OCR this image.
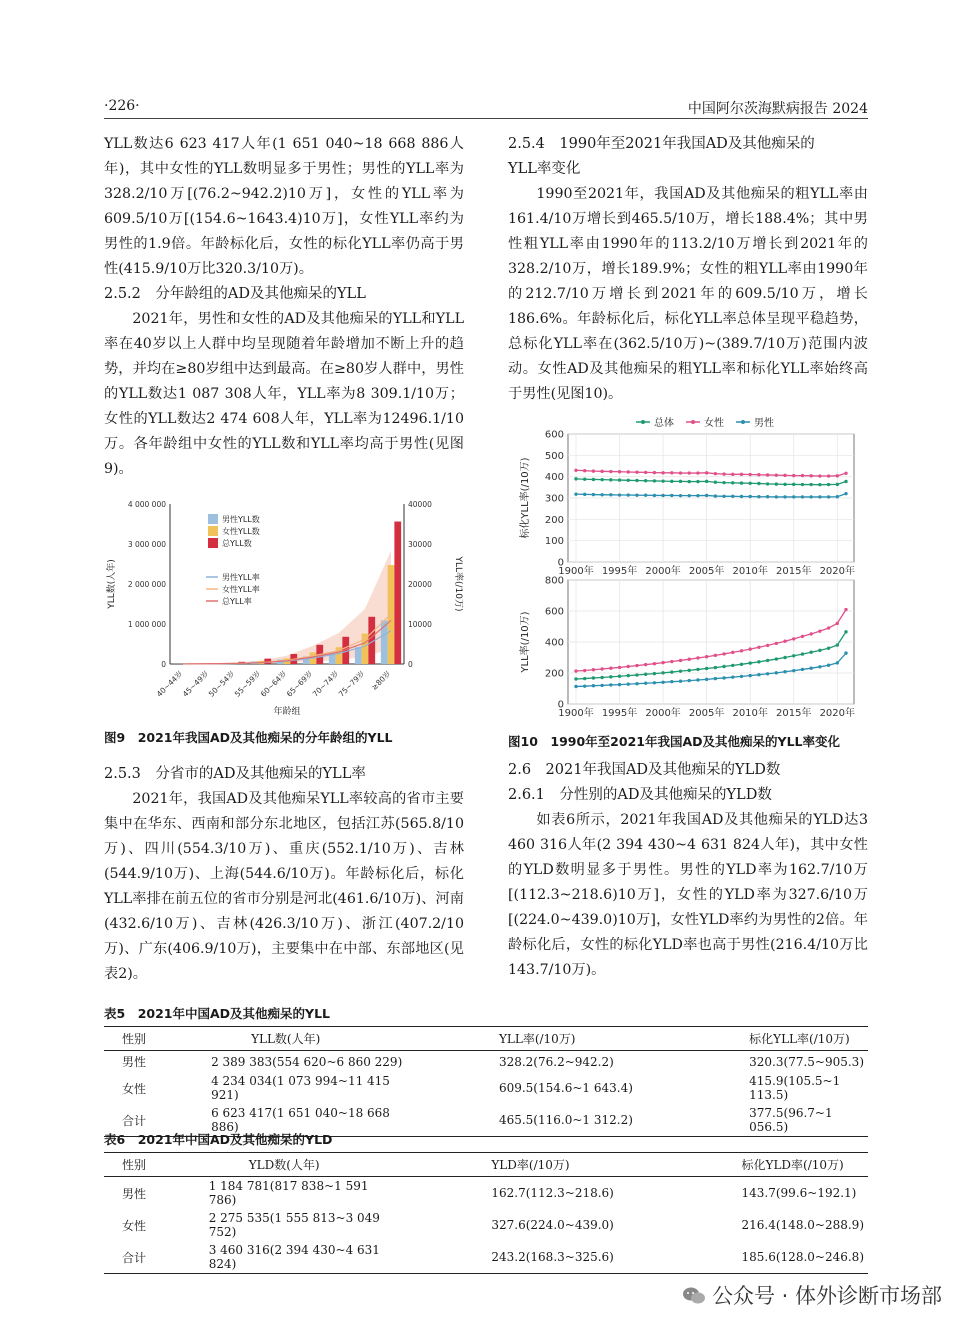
·226·	中国阿尔茨海默病报告 2024

YLL数达6 623 417人年(1 651 040~18 668 886人年)，其中女性的YLL数明显多于男性；男性的YLL率为328.2/10万[(76.2~942.2)10万]，女性的YLL率为609.5/10万[(154.6~1643.4)10万]，女性YLL率约为男性的1.9倍。年龄标化后，女性的标化YLL率仍高于男性(415.9/10万比320.3/10万)。

2.5.2　分年龄组的AD及其他痴呆的YLL

2021年，男性和女性的AD及其他痴呆的YLL和YLL率在40岁以上人群中均呈现随着年龄增加不断上升的趋势，并均在≥80岁组中达到最高。在≥80岁人群中，男性的YLL数达1 087 308人年，YLL率为8 309.1/10万；女性的YLL数达2 474 608人年，YLL率为12496.1/10万。各年龄组中女性的YLL数和YLL率均高于男性(见图9)。

0
1 000 000
2 000 000
3 000 000
4 000 000
0
10000
20000
30000
40000
40~44岁
45~49岁
50~54岁
55~59岁
60~64岁
65~69岁
70~74岁
75~79岁 ≥80岁
男性YLL数
女性YLL数
总YLL数
男性YLL率
女性YLL率
总YLL率
YLL数(人年)	YLL率(/10万)
年龄组
图9　2021年我国AD及其他痴呆的分年龄组的YLL

2.5.3　分省市的AD及其他痴呆的YLL率

2021年，我国AD及其他痴呆YLL率较高的省市主要集中在华东、西南和部分东北地区，包括江苏(565.8/10万)、四川(554.3/10万)、重庆(552.1/10万)、吉林(544.9/10万)、上海(544.6/10万)。年龄标化后，标化YLL率排在前五位的省市分别是河北(461.6/10万)、河南(432.6/10万)、吉林(426.3/10万)、浙江(407.2/10万)、广东(406.9/10万)，主要集中在中部、东部地区(见表2)。

2.5.4　1990年至2021年我国AD及其他痴呆的

YLL率变化

1990至2021年，我国AD及其他痴呆的粗YLL率由161.4/10万增长到465.5/10万，增长188.4%；其中男性粗YLL率由1990年的113.2/10万增长到2021年的328.2/10万，增长189.9%；女性的粗YLL率由1990年的212.7/10万增长到2021年的609.5/10万，增长186.6%。年龄标化后，标化YLL率总体呈现平稳趋势，总标化YLL率在(362.5/10万)~(389.7/10万)范围内波动。女性AD及其他痴呆的粗YLL率和标化YLL率始终高于男性(见图10)。

总体	女性	男性
0
100
200
300
400
500
600
1900年 1995年 2000年 2005年 2010年 2015年 2020年
标化YLL率(/10万)
0
200
400
600
800
1900年 1995年 2000年 2005年 2010年 2015年 2020年
YLL率(/10万)
图10　1990年至2021年我国AD及其他痴呆的YLL率变化

2.6　2021年我国AD及其他痴呆的YLD数

2.6.1　分性别的AD及其他痴呆的YLD数

如表6所示，2021年我国AD及其他痴呆的YLD达3 460 316人年(2 394 430~4 631 824人年)，其中女性的YLD数明显多于男性。男性的YLD率为162.7/10万[(112.3~218.6)10万]，女性的YLD率为327.6/10万[(224.0~439.0)10万]，女性YLD率约为男性的2倍。年龄标化后，女性的标化YLD率也高于男性(216.4/10万比143.7/10万)。

表5　2021年中国AD及其他痴呆的YLL
性别	YLL数(人年)	YLL率(/10万)	标化YLL率(/10万)
男性	2 389 383(554 620~6 860 229)	328.2(76.2~942.2)	320.3(77.5~905.3)
女性	4 234 034(1 073 994~11 415 921)	609.5(154.6~1 643.4)	415.9(105.5~1 113.5)
合计	6 623 417(1 651 040~18 668 886)	465.5(116.0~1 312.2)	377.5(96.7~1 056.5)
表6　2021年中国AD及其他痴呆的YLD
性别	YLD数(人年)	YLD率(/10万)	标化YLD率(/10万)
男性	1 184 781(817 838~1 591 786)	162.7(112.3~218.6)	143.7(99.6~192.1)
女性	2 275 535(1 555 813~3 049 752)	327.6(224.0~439.0)	216.4(148.0~288.9)
合计	3 460 316(2 394 430~4 631 824)	243.2(168.3~325.6)	185.6(128.0~246.8)
公众号 · 体外诊断市场部
